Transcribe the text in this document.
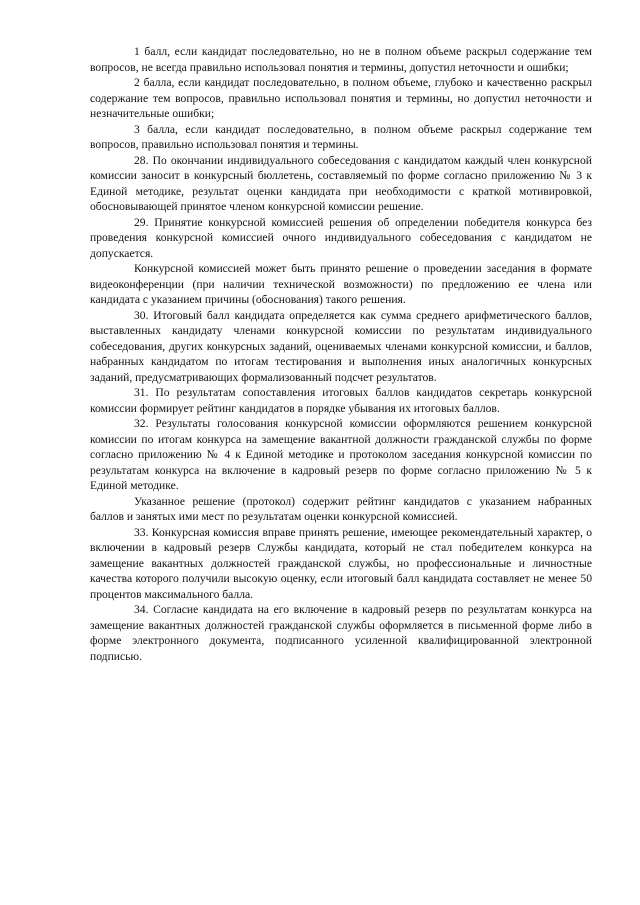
1 балл, если кандидат последовательно, но не в полном объеме раскрыл содержание тем вопросов, не всегда правильно использовал понятия и термины, допустил неточности и ошибки;

2 балла, если кандидат последовательно, в полном объеме, глубоко и качественно раскрыл содержание тем вопросов, правильно использовал понятия и термины, но допустил неточности и незначительные ошибки;

3 балла, если кандидат последовательно, в полном объеме раскрыл содержание тем вопросов, правильно использовал понятия и термины.

28. По окончании индивидуального собеседования с кандидатом каждый член конкурсной комиссии заносит в конкурсный бюллетень, составляемый по форме согласно приложению № 3 к Единой методике, результат оценки кандидата при необходимости с краткой мотивировкой, обосновывающей принятое членом конкурсной комиссии решение.

29. Принятие конкурсной комиссией решения об определении победителя конкурса без проведения конкурсной комиссией очного индивидуального собеседования с кандидатом не допускается.

Конкурсной комиссией может быть принято решение о проведении заседания в формате видеоконференции (при наличии технической возможности) по предложению ее члена или кандидата с указанием причины (обоснования) такого решения.

30. Итоговый балл кандидата определяется как сумма среднего арифметического баллов, выставленных кандидату членами конкурсной комиссии по результатам индивидуального собеседования, других конкурсных заданий, оцениваемых членами конкурсной комиссии, и баллов, набранных кандидатом по итогам тестирования и выполнения иных аналогичных конкурсных заданий, предусматривающих формализованный подсчет результатов.

31. По результатам сопоставления итоговых баллов кандидатов секретарь конкурсной комиссии формирует рейтинг кандидатов в порядке убывания их итоговых баллов.

32. Результаты голосования конкурсной комиссии оформляются решением конкурсной комиссии по итогам конкурса на замещение вакантной должности гражданской службы по форме согласно приложению № 4 к Единой методике и протоколом заседания конкурсной комиссии по результатам конкурса на включение в кадровый резерв по форме согласно приложению № 5 к Единой методике.

Указанное решение (протокол) содержит рейтинг кандидатов с указанием набранных баллов и занятых ими мест по результатам оценки конкурсной комиссией.

33. Конкурсная комиссия вправе принять решение, имеющее рекомендательный характер, о включении в кадровый резерв Службы кандидата, который не стал победителем конкурса на замещение вакантных должностей гражданской службы, но профессиональные и личностные качества которого получили высокую оценку, если итоговый балл кандидата составляет не менее 50 процентов максимального балла.

34. Согласие кандидата на его включение в кадровый резерв по результатам конкурса на замещение вакантных должностей гражданской службы оформляется в письменной форме либо в форме электронного документа, подписанного усиленной квалифицированной электронной подписью.
